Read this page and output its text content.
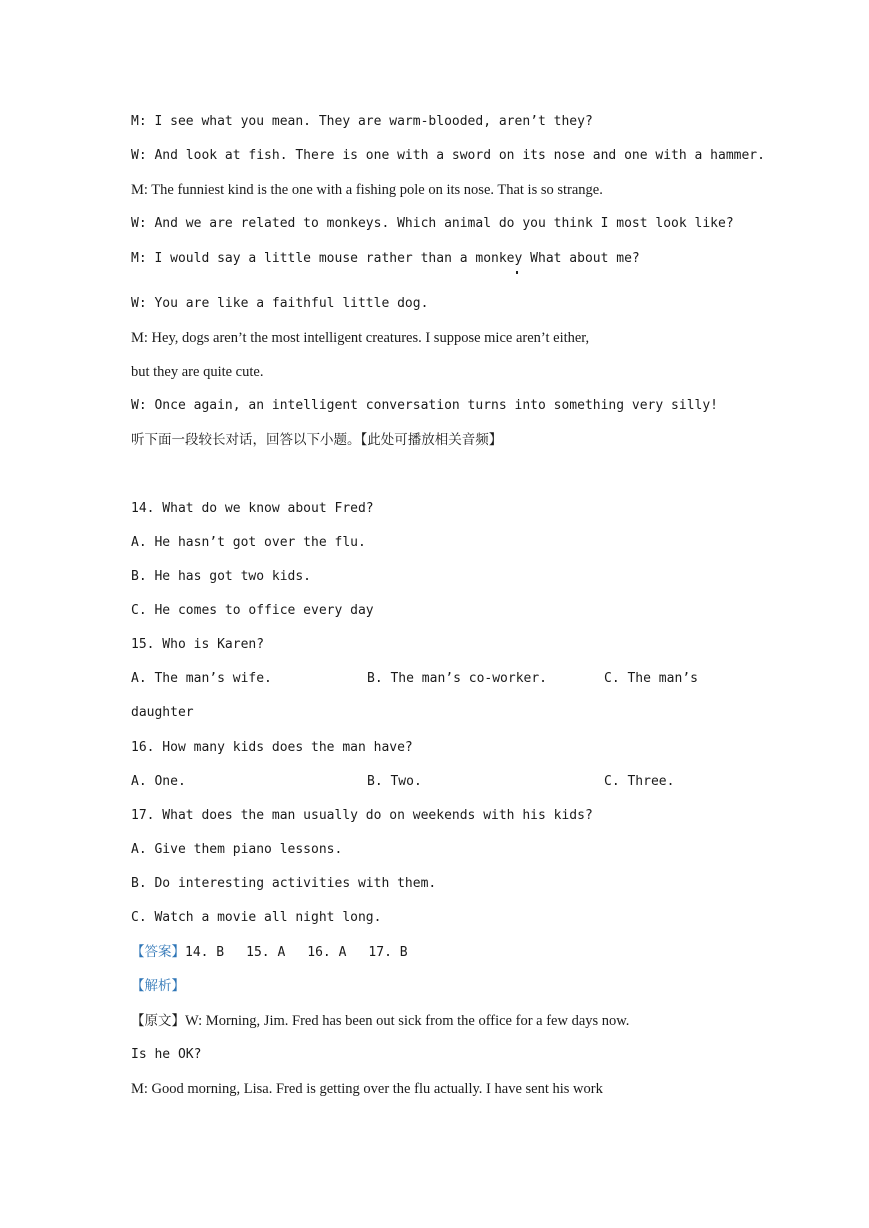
M: I see what you mean. They are warm-blooded, aren’t they?
W: And look at fish. There is one with a sword on its nose and one with a hammer.
M: The funniest kind is the one with a fishing pole on its nose. That is so strange.
W: And we are related to monkeys. Which animal do you think I most look like?
M: I would say a little mouse rather than a monkey What about me?
W: You are like a faithful little dog.
M: Hey, dogs aren’t the most intelligent creatures. I suppose mice aren’t either,
but they are quite cute.
W: Once again, an intelligent conversation turns into something very silly!
听下面一段较长对话，回答以下小题。【此处可播放相关音频】
14. What do we know about Fred?
A. He hasn’t got over the flu.
B. He has got two kids.
C. He comes to office every day
15. Who is Karen?
A. The man’s wife.	B. The man’s co-worker.	C. The man’s
daughter
16. How many kids does the man have?
A. One.	B. Two.	C. Three.
17. What does the man usually do on weekends with his kids?
A. Give them piano lessons.
B. Do interesting activities with them.
C. Watch a movie all night long.
【答案】14. B 15. A 16. A 17. B
【解析】
【原文】W: Morning, Jim. Fred has been out sick from the office for a few days now.
Is he OK?
M: Good morning, Lisa. Fred is getting over the flu actually. I have sent his work
